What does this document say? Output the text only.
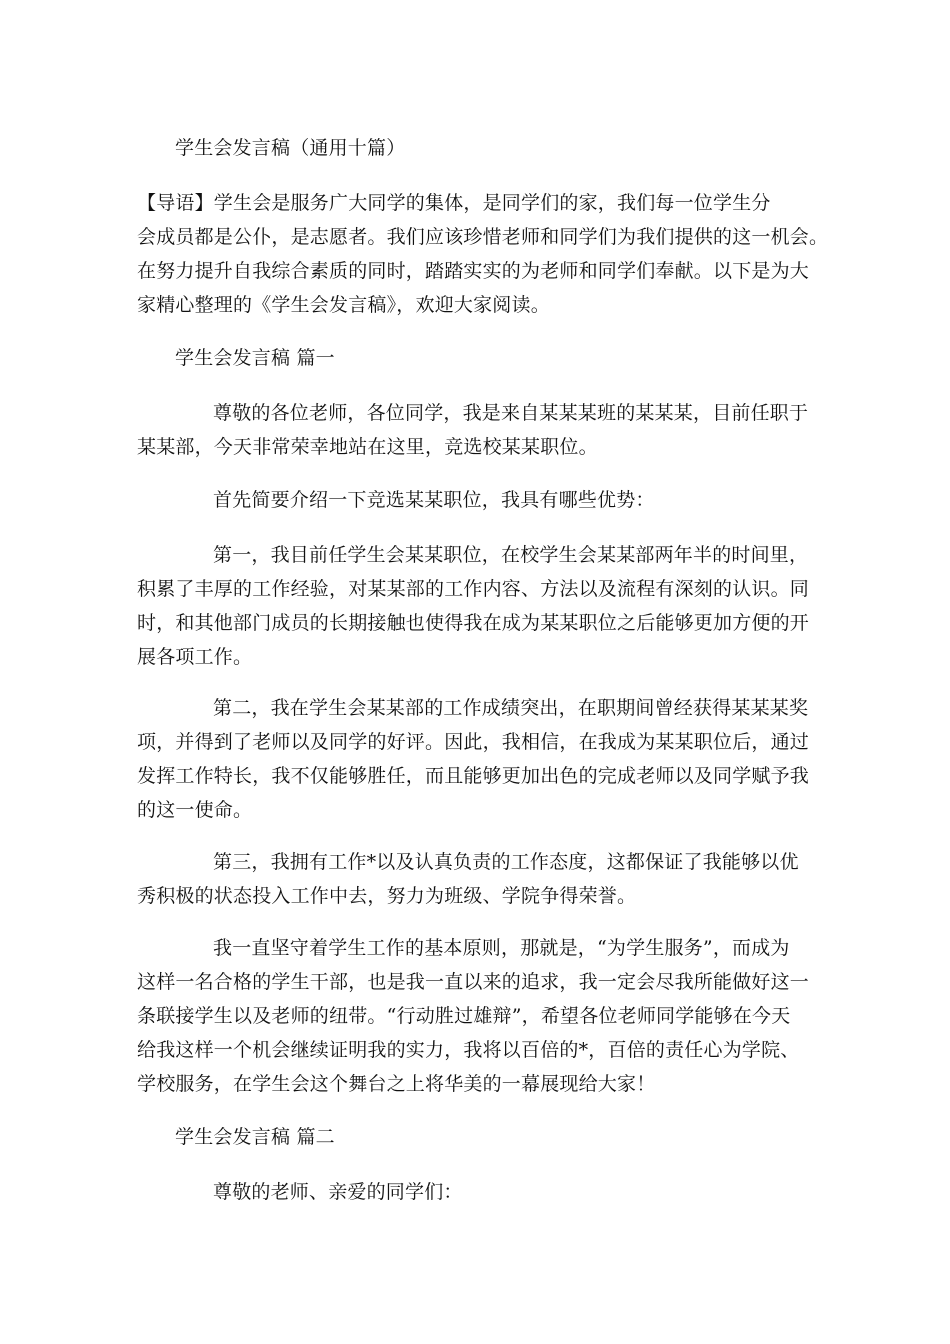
学生会发言稿（通用十篇）
【导语】学生会是服务广大同学的集体，是同学们的家，我们每一位学生分
会成员都是公仆，是志愿者。我们应该珍惜老师和同学们为我们提供的这一机会。
在努力提升自我综合素质的同时，踏踏实实的为老师和同学们奉献。以下是为大
家精心整理的《学生会发言稿》，欢迎大家阅读。
学生会发言稿 篇一
尊敬的各位老师，各位同学，我是来自某某某班的某某某，目前任职于
某某部，今天非常荣幸地站在这里，竞选校某某职位。
首先简要介绍一下竞选某某职位，我具有哪些优势：
第一，我目前任学生会某某职位，在校学生会某某部两年半的时间里，
积累了丰厚的工作经验，对某某部的工作内容、方法以及流程有深刻的认识。同
时，和其他部门成员的长期接触也使得我在成为某某职位之后能够更加方便的开
展各项工作。
第二，我在学生会某某部的工作成绩突出，在职期间曾经获得某某某奖
项，并得到了老师以及同学的好评。因此，我相信，在我成为某某职位后，通过
发挥工作特长，我不仅能够胜任，而且能够更加出色的完成老师以及同学赋予我
的这一使命。
第三，我拥有工作*以及认真负责的工作态度，这都保证了我能够以优
秀积极的状态投入工作中去，努力为班级、学院争得荣誉。
我一直坚守着学生工作的基本原则，那就是，“为学生服务”，而成为
这样一名合格的学生干部，也是我一直以来的追求，我一定会尽我所能做好这一
条联接学生以及老师的纽带。“行动胜过雄辩”，希望各位老师同学能够在今天
给我这样一个机会继续证明我的实力，我将以百倍的*，百倍的责任心为学院、
学校服务，在学生会这个舞台之上将华美的一幕展现给大家！
学生会发言稿 篇二
尊敬的老师、亲爱的同学们：
